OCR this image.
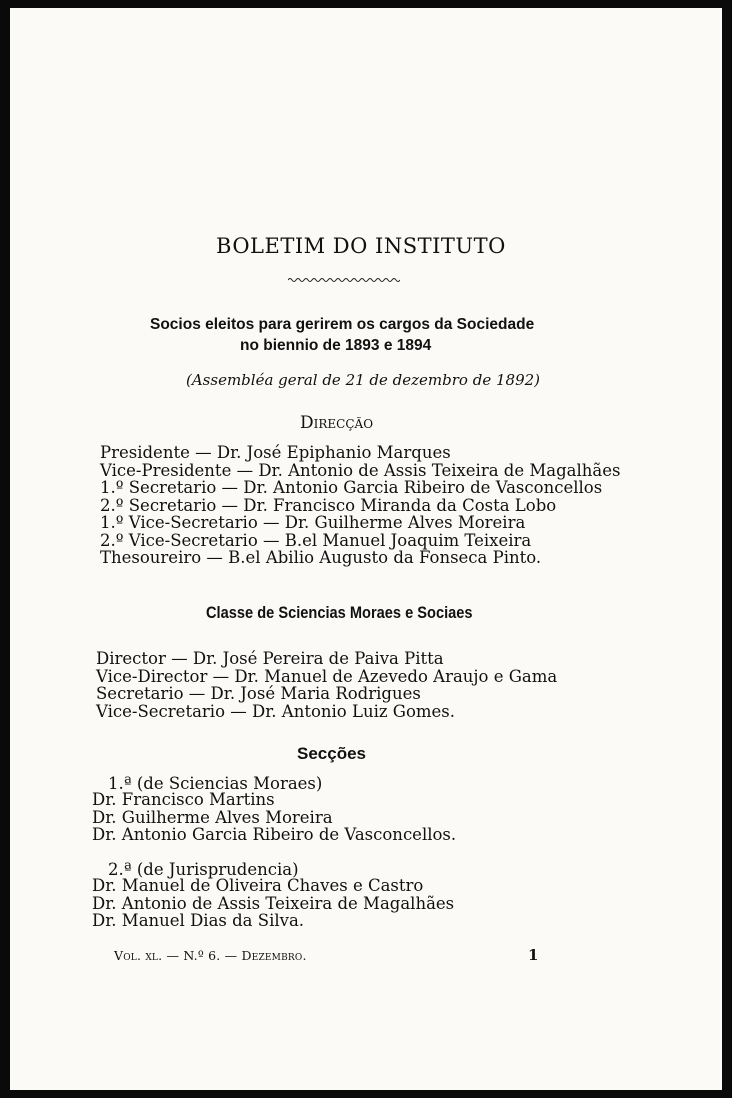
BOLETIM DO INSTITUTO
Socios eleitos para gerirem os cargos da Sociedade
no biennio de 1893 e 1894
(Assembléa geral de 21 de dezembro de 1892)
Direcção
Presidente — Dr. José Epiphanio Marques
Vice-Presidente — Dr. Antonio de Assis Teixeira de Magalhães
1.º Secretario — Dr. Antonio Garcia Ribeiro de Vasconcellos
2.º Secretario — Dr. Francisco Miranda da Costa Lobo
1.º Vice-Secretario — Dr. Guilherme Alves Moreira
2.º Vice-Secretario — B.el Manuel Joaquim Teixeira
Thesoureiro — B.el Abilio Augusto da Fonseca Pinto.
Classe de Sciencias Moraes e Sociaes
Director — Dr. José Pereira de Paiva Pitta
Vice-Director — Dr. Manuel de Azevedo Araujo e Gama
Secretario — Dr. José Maria Rodrigues
Vice-Secretario — Dr. Antonio Luiz Gomes.
Secções
1.ª (de Sciencias Moraes)
Dr. Francisco Martins
Dr. Guilherme Alves Moreira
Dr. Antonio Garcia Ribeiro de Vasconcellos.
2.ª (de Jurisprudencia)
Dr. Manuel de Oliveira Chaves e Castro
Dr. Antonio de Assis Teixeira de Magalhães
Dr. Manuel Dias da Silva.
Vol. xl. — N.º 6. — Dezembro.	1
